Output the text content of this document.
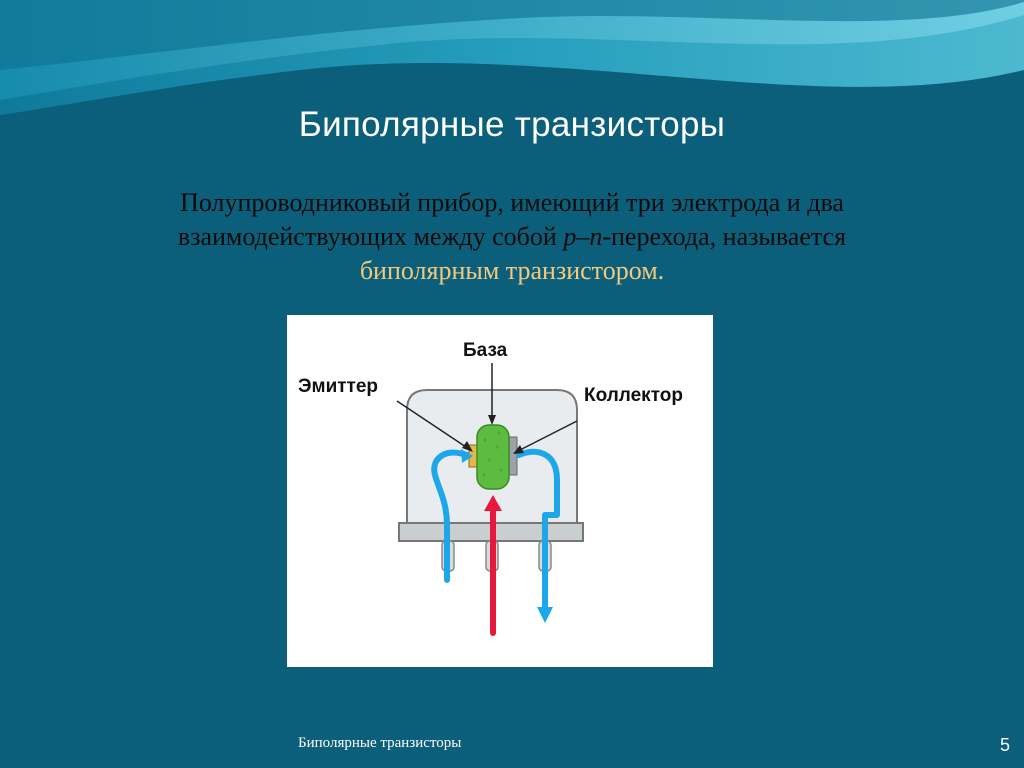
Биполярные транзисторы
Полупроводниковый прибор, имеющий три электрода и два взаимодействующих между собой p–n-перехода, называется
биполярным транзистором.
База
Эмиттер	Коллектор
Биполярные транзисторы	5
